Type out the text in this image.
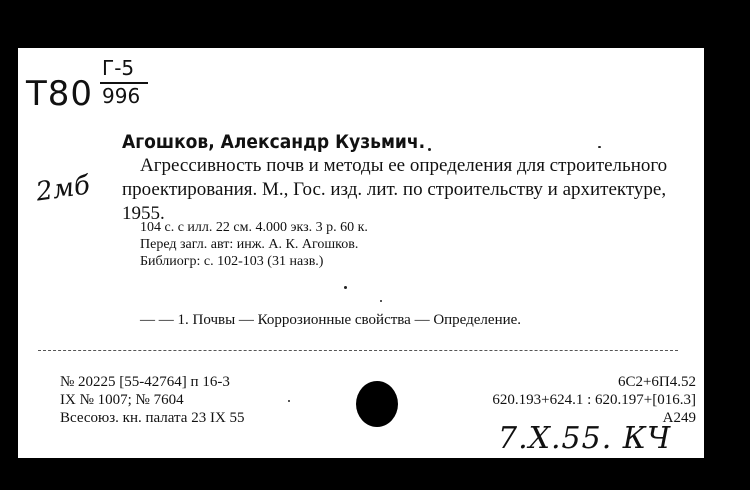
Т80
Г-5
996
2мб
Агошков, Александр Кузьмич.
Агрессивность почв и методы ее определения для строительного проектирования. М., Гос. изд. лит. по строительству и архитектуре, 1955.
104 с. с илл. 22 см. 4.000 экз. 3 р. 60 к.
Перед загл. авт: инж. А. К. Агошков.
Библиогр: с. 102-103 (31 назв.)
— — 1. Почвы — Коррозионные свойства — Определение.
№ 20225 [55-42764] п 16-3
IX № 1007; № 7604
Всесоюз. кн. палата 23 IX 55
6С2+6П4.52
620.193+624.1 : 620.197+[016.3]
А249
7.Х.55. КЧ
